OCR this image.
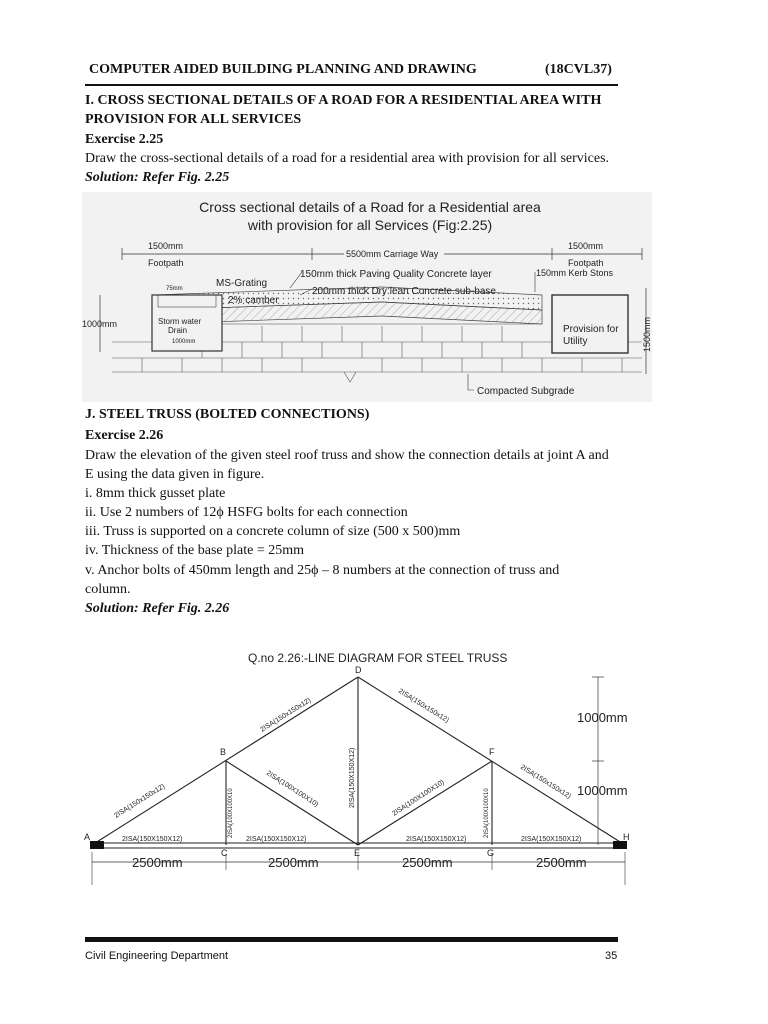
COMPUTER AIDED BUILDING PLANNING AND DRAWING	(18CVL37)
I. CROSS SECTIONAL DETAILS OF A ROAD FOR A RESIDENTIAL AREA WITH
PROVISION FOR ALL SERVICES
Exercise 2.25
Draw the cross-sectional details of a road for a residential area with provision for all services.
Solution: Refer Fig. 2.25
Cross sectional details of a Road for a Residential area
with provision for all Services (Fig:2.25)
1500mm
Footpath
5500mm Carriage Way
1500mm
Footpath
75mm
Storm water
Drain
1000mm
1000mm
MS-Grating
2% camber
150mm thick Paving Quality Concrete layer
200mm thick Dry lean Concrete sub-base
150mm Kerb Stons
Provision for
Utility	1500mm
Compacted Subgrade
J. STEEL TRUSS (BOLTED CONNECTIONS)
Exercise 2.26
Draw the elevation of the given steel roof truss and show the connection details at joint A and
E using the data given in figure.
i. 8mm thick gusset plate
ii. Use 2 numbers of 12ϕ HSFG bolts for each connection
iii. Truss is supported on a concrete column of size (500 x 500)mm
iv. Thickness of the base plate = 25mm
v. Anchor bolts of 450mm length and 25ϕ – 8 numbers at the connection of truss and
column.
Solution: Refer Fig. 2.26
Q.no 2.26:-LINE DIAGRAM FOR STEEL TRUSS
A
B
C
D
E
F
G
H
2ISA(150x150x12)
2ISA(150x150x12)	2ISA(150x150x12)
2ISA(150x150x12)
2ISA(150X150X12)	2ISA(150X150X12)	2ISA(150X150X12)	2ISA(150X150X12)
2ISA(100X100X10
2ISA(150X150X12)
2ISA(100X100X10
2ISA(100X100X10)	2ISA(100X100X10)
1000mm
1000mm
2500mm	2500mm	2500mm	2500mm
Civil Engineering Department	35
